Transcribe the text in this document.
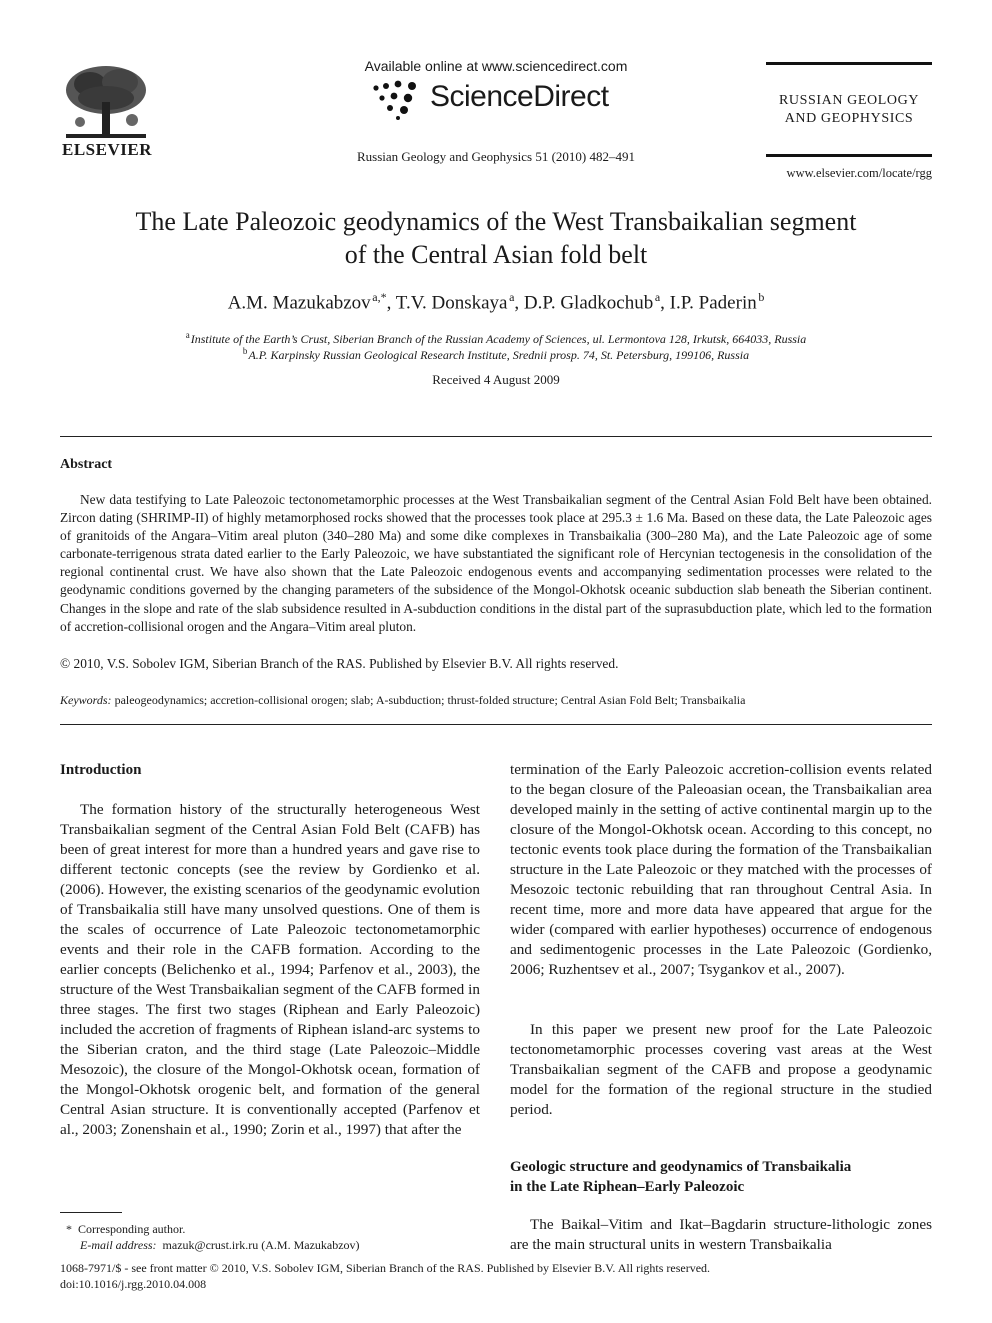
ELSEVIER
Available online at www.sciencedirect.com
ScienceDirect
Russian Geology and Geophysics 51 (2010) 482–491
RUSSIAN GEOLOGY
AND GEOPHYSICS
www.elsevier.com/locate/rgg
The Late Paleozoic geodynamics of the West Transbaikalian segment
of the Central Asian fold belt
A.M. Mazukabzov  $^{a,*}$, T.V. Donskaya  $^a$, D.P. Gladkochub  $^a$, I.P. Paderin  $^b$
$^a$ Institute of the Earth’s Crust, Siberian Branch of the Russian Academy of Sciences, ul. Lermontova 128, Irkutsk, 664033, Russia
$^b$ A.P. Karpinsky Russian Geological Research Institute, Srednii prosp. 74, St. Petersburg, 199106, Russia
Received 4 August 2009
Abstract

New data testifying to Late Paleozoic tectonometamorphic processes at the West Transbaikalian segment of the Central Asian Fold Belt have been obtained. Zircon dating (SHRIMP-II) of highly metamorphosed rocks showed that the processes took place at 295.3 ± 1.6 Ma. Based on these data, the Late Paleozoic ages of granitoids of the Angara–Vitim areal pluton (340–280 Ma) and some dike complexes in Transbaikalia (300–280 Ma), and the Late Paleozoic age of some carbonate-terrigenous strata dated earlier to the Early Paleozoic, we have substantiated the significant role of Hercynian tectogenesis in the consolidation of the regional continental crust. We have also shown that the Late Paleozoic endogenous events and accompanying sedimentation processes were related to the geodynamic conditions governed by the changing parameters of the subsidence of the Mongol-Okhotsk oceanic subduction slab beneath the Siberian continent. Changes in the slope and rate of the slab subsidence resulted in A-subduction conditions in the distal part of the suprasubduction plate, which led to the formation of accretion-collisional orogen and the Angara–Vitim areal pluton.

© 2010, V.S. Sobolev IGM, Siberian Branch of the RAS. Published by Elsevier B.V. All rights reserved.
Keywords: paleogeodynamics; accretion-collisional orogen; slab; A-subduction; thrust-folded structure; Central Asian Fold Belt; Transbaikalia
Introduction

The formation history of the structurally heterogeneous West Transbaikalian segment of the Central Asian Fold Belt (CAFB) has been of great interest for more than a hundred years and gave rise to different tectonic concepts (see the review by Gordienko et al. (2006). However, the existing scenarios of the geodynamic evolution of Transbaikalia still have many unsolved questions. One of them is the scales of occurrence of Late Paleozoic tectonometamorphic events and their role in the CAFB formation. According to the earlier concepts (Belichenko et al., 1994; Parfenov et al., 2003), the structure of the West Transbaikalian segment of the CAFB formed in three stages. The first two stages (Riphean and Early Paleozoic) included the accretion of fragments of Riphean island-arc systems to the Siberian craton, and the third stage (Late Paleozoic–Middle Mesozoic), the closure of the Mongol-Okhotsk ocean, formation of the Mongol-Okhotsk orogenic belt, and formation of the general Central Asian structure. It is conventionally accepted (Parfenov et al., 2003; Zonenshain et al., 1990; Zorin et al., 1997) that after the

termination of the Early Paleozoic accretion-collision events related to the began closure of the Paleoasian ocean, the Transbaikalian area developed mainly in the setting of active continental margin up to the closure of the Mongol-Okhotsk ocean. According to this concept, no tectonic events took place during the formation of the Transbaikalian structure in the Late Paleozoic or they matched with the processes of Mesozoic tectonic rebuilding that ran throughout Central Asia. In recent time, more and more data have appeared that argue for the wider (compared with earlier hypotheses) occurrence of endogenous and sedimentogenic processes in the Late Paleozoic (Gordienko, 2006; Ruzhentsev et al., 2007; Tsygankov et al., 2007).

In this paper we present new proof for the Late Paleozoic tectonometamorphic processes covering vast areas at the West Transbaikalian segment of the CAFB and propose a geodynamic model for the formation of the regional structure in the studied period.

Geologic structure and geodynamics of Transbaikalia
in the Late Riphean–Early Paleozoic

The Baikal–Vitim and Ikat–Bagdarin structure-lithologic zones are the main structural units in western Transbaikalia

* Corresponding author.
E-mail address: mazuk@crust.irk.ru (A.M. Mazukabzov)
1068-7971/$ - see front matter © 2010, V.S. Sobolev IGM, Siberian Branch of the RAS. Published by Elsevier B.V. All rights reserved.
doi:10.1016/j.rgg.2010.04.008
